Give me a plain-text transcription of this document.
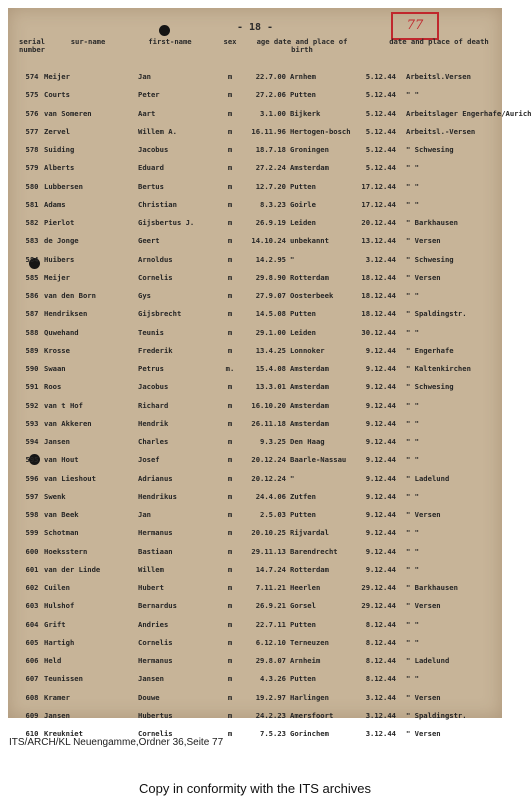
- 18 -	77
serial number
sur-name	first-name	sex	age date and place of birth
date and place of death
574 Meijer	Jan	m	22.7.00 Arnhem	5.12.44 Arbeitsl.Versen
575 Courts	Peter	m	27.2.06 Putten	5.12.44 " "
576 van Someren	Aart	m	3.1.00 Bijkerk	5.12.44 Arbeitslager Engerhafe/Aurich
577 Zervel	Willem A.	m	16.11.96 Hertogen-bosch	5.12.44 Arbeitsl.-Versen
578 Suiding	Jacobus	m	18.7.18 Groningen	5.12.44 " Schwesing
579 Alberts	Eduard	m	27.2.24 Amsterdam	5.12.44 " "
580 Lubbersen	Bertus	m	12.7.20 Putten	17.12.44 " "
581 Adams	Christian	m	8.3.23 Goirle	17.12.44 " "
582 Pierlot	Gijsbertus J.	m	26.9.19 Leiden	20.12.44 " Barkhausen
583 de Jonge	Geert	m	14.10.24 unbekannt	13.12.44 " Versen
584 Huibers	Arnoldus	m	14.2.95 "	3.12.44 " Schwesing
585 Meijer	Cornelis	m	29.8.90 Rotterdam	18.12.44 " Versen
586 van den Born	Gys	m	27.9.07 Oosterbeek	18.12.44 " "
587 Hendriksen	Gijsbrecht	m	14.5.08 Putten	18.12.44 " Spaldingstr.
588 Quwehand	Teunis	m	29.1.00 Leiden	30.12.44 " "
589 Krosse	Frederik	m	13.4.25 Lonnoker	9.12.44 " Engerhafe
590 Swaan	Petrus	m.	15.4.08 Amsterdam	9.12.44 " Kaltenkirchen
591 Roos	Jacobus	m	13.3.01 Amsterdam	9.12.44 " Schwesing
592 van t Hof	Richard	m	16.10.20 Amsterdam	9.12.44 " "
593 van Akkeren	Hendrik	m	26.11.18 Amsterdam	9.12.44 " "
594 Jansen	Charles	m	9.3.25 Den Haag	9.12.44 " "
595 van Hout	Josef	m	20.12.24 Baarle-Nassau	9.12.44 " "
596 van Lieshout	Adrianus	m	20.12.24 "	9.12.44 " Ladelund
597 Swenk	Hendrikus	m	24.4.06 Zutfen	9.12.44 " "
598 van Beek	Jan	m	2.5.03 Putten	9.12.44 " Versen
599 Schotman	Hermanus	m	20.10.25 Rijvardal	9.12.44 " "
600 Hoeksstern	Bastiaan	m	29.11.13 Barendrecht	9.12.44 " "
601 van der Linde	Willem	m	14.7.24 Rotterdam	9.12.44 " "
602 Cuilen	Hubert	m	7.11.21 Heerlen	29.12.44 " Barkhausen
603 Hulshof	Bernardus	m	26.9.21 Gorsel	29.12.44 " Versen
604 Grift	Andries	m	22.7.11 Putten	8.12.44 " "
605 Hartigh	Cornelis	m	6.12.10 Terneuzen	8.12.44 " "
606 Held	Hermanus	m	29.8.07 Arnheim	8.12.44 " Ladelund
607 Teunissen	Jansen	m	4.3.26 Putten	8.12.44 " "
608 Kramer	Douwe	m	19.2.97 Harlingen	3.12.44 " Versen
609 Jansen	Hubertus	m	24.2.23 Amersfoort	3.12.44 " Spaldingstr.
610 Kreukniet	Cornelis	m	7.5.23 Gorinchem	3.12.44 " Versen
ITS/ARCH/KL Neuengamme,Ordner 36,Seite 77
Copy in conformity with the ITS archives
